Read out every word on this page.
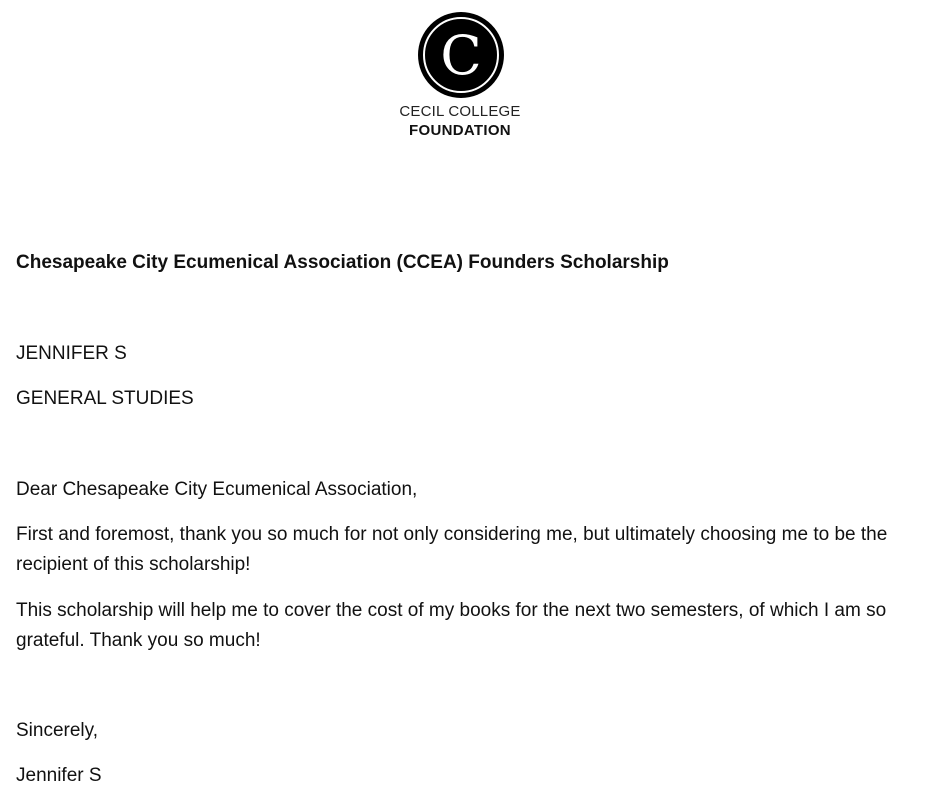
C
CECIL COLLEGE
FOUNDATION
Chesapeake City Ecumenical Association (CCEA) Founders Scholarship
JENNIFER S
GENERAL STUDIES
Dear Chesapeake City Ecumenical Association,
First and foremost, thank you so much for not only considering me, but ultimately choosing me to be the recipient of this scholarship!
This scholarship will help me to cover the cost of my books for the next two semesters, of which I am so grateful. Thank you so much!
Sincerely,
Jennifer S
